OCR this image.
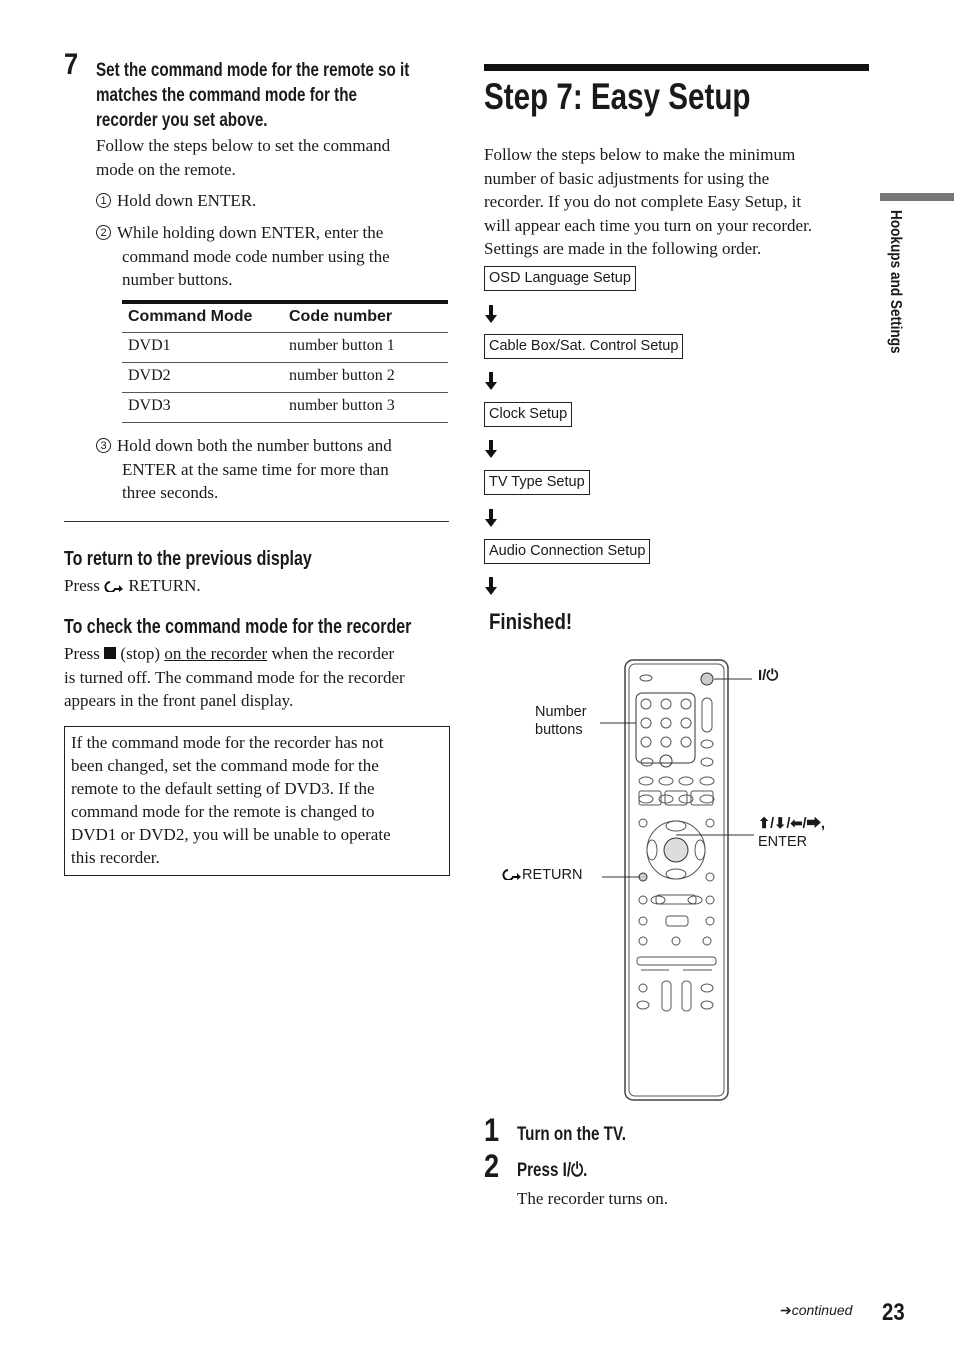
7 Set the command mode for the remote so it
matches the command mode for the
recorder you set above.
Follow the steps below to set the command
mode on the remote.
1 Hold down ENTER.
2 While holding down ENTER, enter the
command mode code number using the
number buttons.
Command Mode	Code number
DVD1	number button 1
DVD2	number button 2
DVD3	number button 3
3 Hold down both the number buttons and
ENTER at the same time for more than
three seconds.
To return to the previous display
Press RETURN.
To check the command mode for the recorder
Press (stop) on the recorder when the recorder
is turned off. The command mode for the recorder
appears in the front panel display.
If the command mode for the recorder has not
been changed, set the command mode for the
remote to the default setting of DVD3. If the
command mode for the remote is changed to
DVD1 or DVD2, you will be unable to operate
this recorder.
Step 7: Easy Setup
Follow the steps below to make the minimum
number of basic adjustments for using the
recorder. If you do not complete Easy Setup, it
will appear each time you turn on your recorder.
Settings are made in the following order.
OSD Language Setup
Cable Box/Sat. Control Setup
Clock Setup
TV Type Setup
Audio Connection Setup
Finished!
I/⏻
Number
buttons
⬆/⬇/⬅/⮕,
ENTER
RETURN
1 Turn on the TV.
2 Press I/⏻.
The recorder turns on.
Hookups and Settings
➔continued 23
